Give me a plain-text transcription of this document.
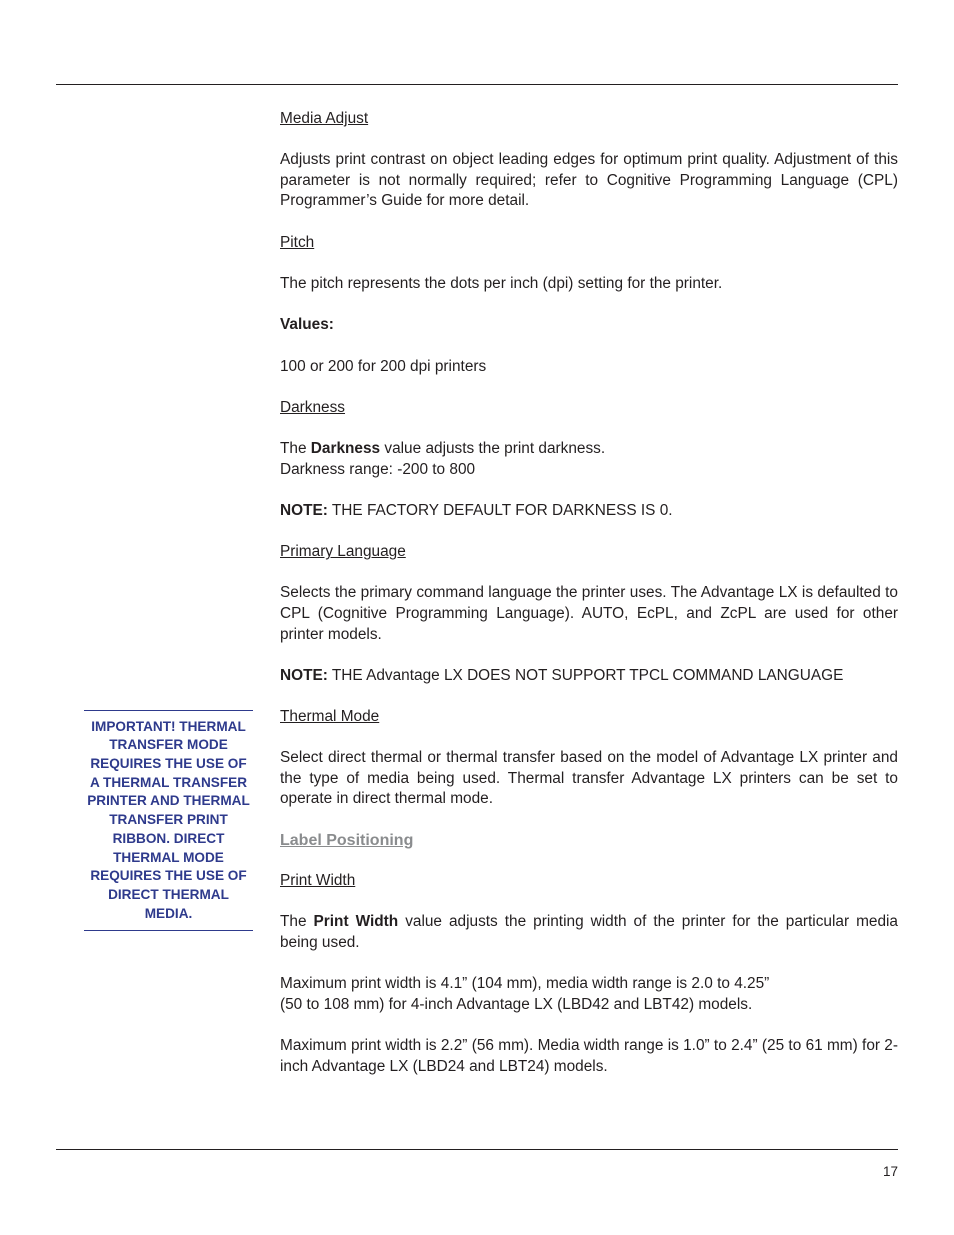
Media Adjust

Adjusts print contrast on object leading edges for optimum print quality. Adjustment of this parameter is not normally required; refer to Cognitive Programming Language (CPL) Programmer’s Guide for more detail.

Pitch

The pitch represents the dots per inch (dpi) setting for the printer.

Values:

100 or 200 for 200 dpi printers

Darkness

The Darkness value adjusts the print darkness.
Darkness range: -200 to 800

NOTE: THE FACTORY DEFAULT FOR DARKNESS IS 0.

Primary Language

Selects the primary command language the printer uses. The Advantage LX is defaulted to CPL (Cognitive Programming Language). AUTO, EcPL, and ZcPL are used for other printer models.

NOTE: THE Advantage LX DOES NOT SUPPORT TPCL COMMAND LANGUAGE

Thermal Mode

Select direct thermal or thermal transfer based on the model of Advantage LX printer and the type of media being used. Thermal transfer Advantage LX printers can be set to operate in direct thermal mode.

Label Positioning

Print Width

The Print Width value adjusts the printing width of the printer for the particular media being used.

Maximum print width is 4.1” (104 mm), media width range is 2.0 to 4.25”
(50 to 108 mm) for 4-inch Advantage LX (LBD42 and LBT42) models.

Maximum print width is 2.2” (56 mm). Media width range is 1.0” to 2.4” (25 to 61 mm) for 2-inch Advantage LX (LBD24 and LBT24) models.

IMPORTANT! THERMAL TRANSFER MODE REQUIRES THE USE OF A THERMAL TRANSFER PRINTER AND THERMAL TRANSFER PRINT RIBBON. DIRECT THERMAL MODE REQUIRES THE USE OF DIRECT THERMAL MEDIA.
17
